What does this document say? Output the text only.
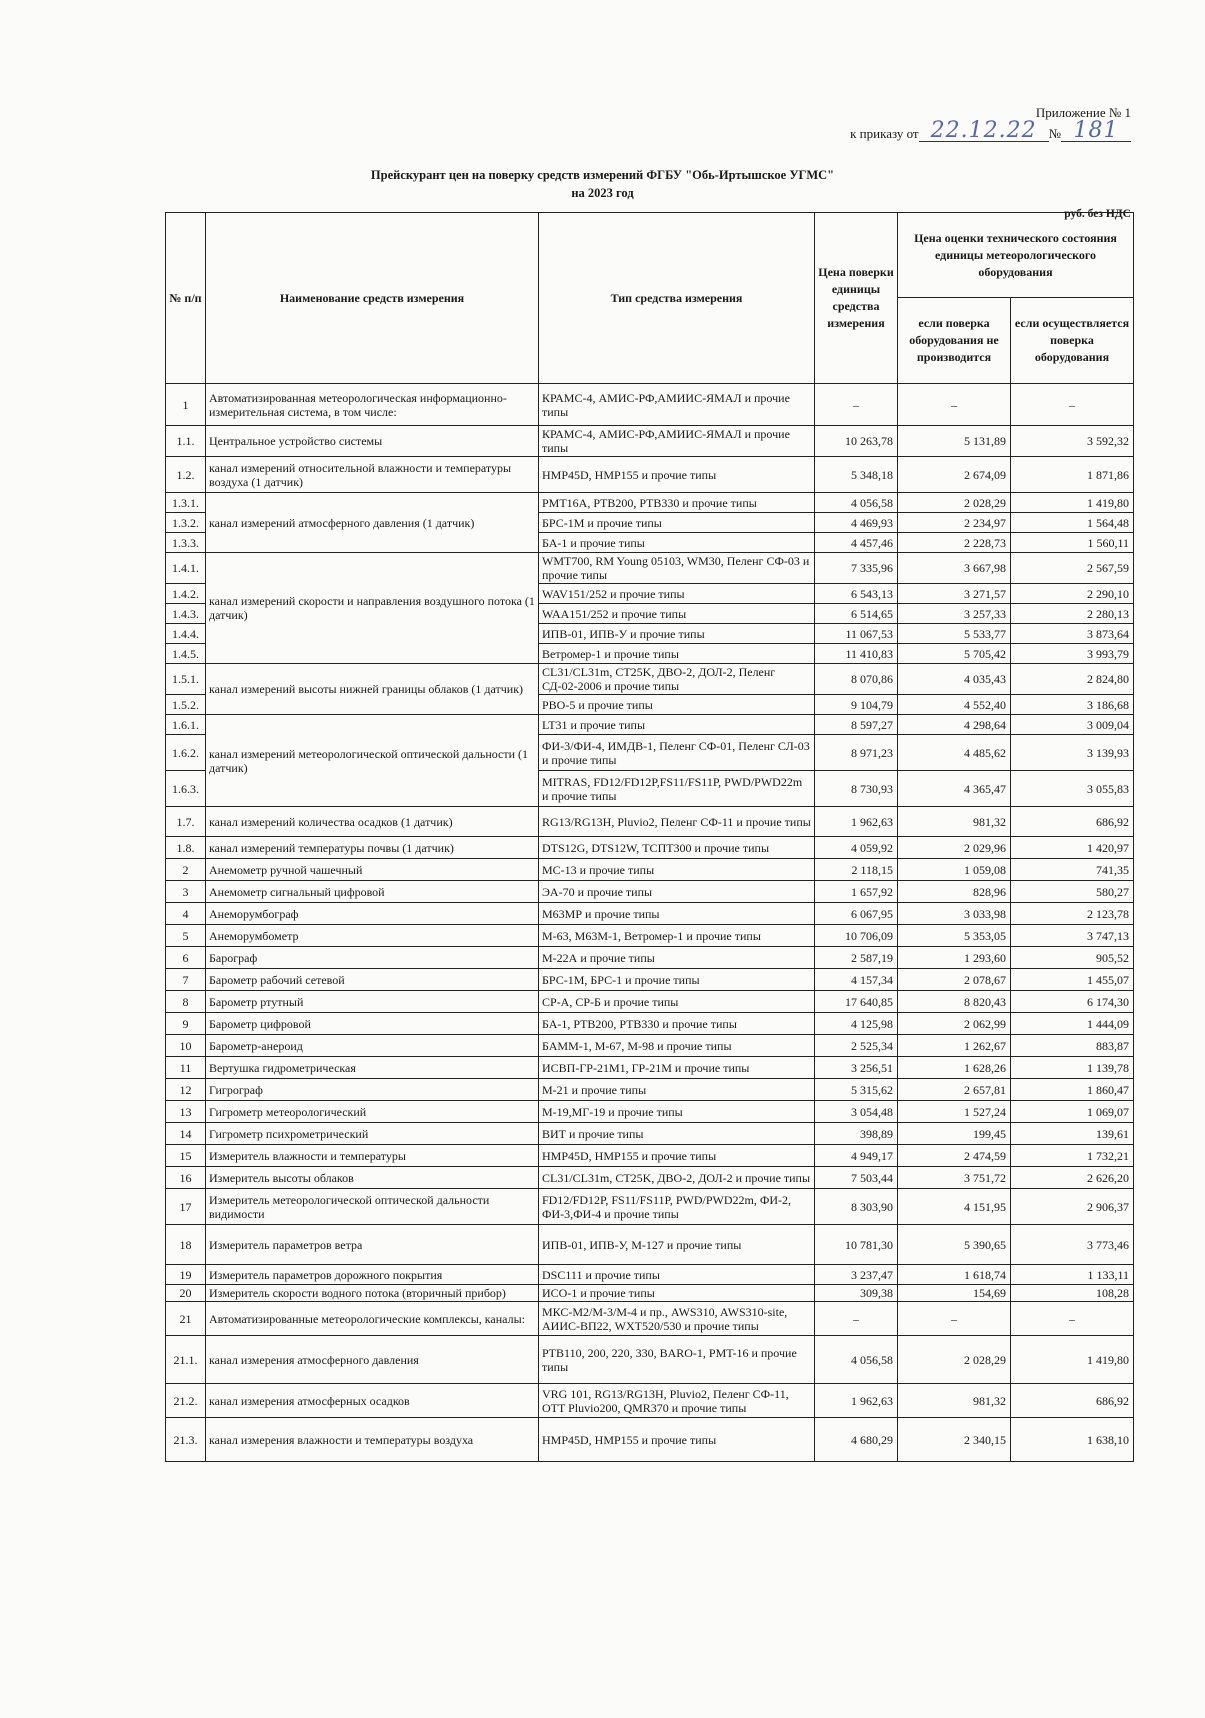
Приложение № 1
к приказу от 22.12.22 № 181
Прейскурант цен на поверку средств измерений ФГБУ "Обь-Иртышское УГМС"
на 2023 год
руб. без НДС
№ п/п	Наименование средств измерения	Тип средства измерения	Цена поверки единицы средства измерения	Цена оценки технического состояния единицы метеорологического оборудования	
				если поверка оборудования не производится	если осуществляется поверка оборудования
1	Автоматизированная метеорологическая информационно-измерительная система, в том числе:	КРАМС-4, АМИС-РФ,АМИИС-ЯМАЛ и прочие типы	–	–	–
1.1.	Центральное устройство системы	КРАМС-4, АМИС-РФ,АМИИС-ЯМАЛ и прочие типы	10 263,78	5 131,89	3 592,32
1.2.	канал измерений относительной влажности и температуры воздуха (1 датчик)	HMP45D, HMP155 и прочие типы	5 348,18	2 674,09	1 871,86
1.3.1.	канал измерений атмосферного давления (1 датчик)	PMT16A, PTB200, PTB330 и прочие типы	4 056,58	2 028,29	1 419,80
1.3.2.		БРС-1М и прочие типы	4 469,93	2 234,97	1 564,48
1.3.3.		БА-1 и прочие типы	4 457,46	2 228,73	1 560,11
1.4.1.	канал измерений скорости и направления воздушного потока (1 датчик)	WMT700, RM Young 05103, WM30, Пеленг СФ-03 и прочие типы	7 335,96	3 667,98	2 567,59
1.4.2.		WAV151/252 и прочие типы	6 543,13	3 271,57	2 290,10
1.4.3.		WAA151/252 и прочие типы	6 514,65	3 257,33	2 280,13
1.4.4.		ИПВ-01, ИПВ-У и прочие типы	11 067,53	5 533,77	3 873,64
1.4.5.		Ветромер-1 и прочие типы	11 410,83	5 705,42	3 993,79
1.5.1.	канал измерений высоты нижней границы облаков (1 датчик)	CL31/CL31m, CT25K, ДВО-2, ДОЛ-2, Пеленг СД-02-2006 и прочие типы	8 070,86	4 035,43	2 824,80
1.5.2.		РВО-5 и прочие типы	9 104,79	4 552,40	3 186,68
1.6.1.	канал измерений метеорологической оптической дальности (1 датчик)	LT31 и прочие типы	8 597,27	4 298,64	3 009,04
1.6.2.		ФИ-3/ФИ-4, ИМДВ-1, Пеленг СФ-01, Пеленг СЛ-03 и прочие типы	8 971,23	4 485,62	3 139,93
1.6.3.		MITRAS, FD12/FD12P,FS11/FS11P, PWD/PWD22m и прочие типы	8 730,93	4 365,47	3 055,83
1.7.	канал измерений количества осадков (1 датчик)	RG13/RG13H, Pluvio2, Пеленг СФ-11 и прочие типы	1 962,63	981,32	686,92
1.8.	канал измерений температуры почвы (1 датчик)	DTS12G, DTS12W, ТСПТ300 и прочие типы	4 059,92	2 029,96	1 420,97
2	Анемометр ручной чашечный	МС-13 и прочие типы	2 118,15	1 059,08	741,35
3	Анемометр сигнальный цифровой	ЭА-70 и прочие типы	1 657,92	828,96	580,27
4	Анеморумбограф	М63МР и прочие типы	6 067,95	3 033,98	2 123,78
5	Анеморумбометр	М-63, М63М-1, Ветромер-1 и прочие типы	10 706,09	5 353,05	3 747,13
6	Барограф	М-22А и прочие типы	2 587,19	1 293,60	905,52
7	Барометр рабочий сетевой	БРС-1М, БРС-1 и прочие типы	4 157,34	2 078,67	1 455,07
8	Барометр ртутный	СР-А, СР-Б и прочие типы	17 640,85	8 820,43	6 174,30
9	Барометр цифровой	БА-1, PTB200, PTB330 и прочие типы	4 125,98	2 062,99	1 444,09
10	Барометр-анероид	БАММ-1, М-67, М-98 и прочие типы	2 525,34	1 262,67	883,87
11	Вертушка гидрометрическая	ИСВП-ГР-21М1, ГР-21М и прочие типы	3 256,51	1 628,26	1 139,78
12	Гигрограф	М-21 и прочие типы	5 315,62	2 657,81	1 860,47
13	Гигрометр метеорологический	М-19,МГ-19 и прочие типы	3 054,48	1 527,24	1 069,07
14	Гигрометр психрометрический	ВИТ и прочие типы	398,89	199,45	139,61
15	Измеритель влажности и температуры	HMP45D, HMP155 и прочие типы	4 949,17	2 474,59	1 732,21
16	Измеритель высоты облаков	CL31/CL31m, CT25K, ДВО-2, ДОЛ-2 и прочие типы	7 503,44	3 751,72	2 626,20
17	Измеритель метеорологической оптической дальности видимости	FD12/FD12P, FS11/FS11P, PWD/PWD22m, ФИ-2, ФИ-3,ФИ-4 и прочие типы	8 303,90	4 151,95	2 906,37
18	Измеритель параметров ветра	ИПВ-01, ИПВ-У, М-127 и прочие типы	10 781,30	5 390,65	3 773,46
19	Измеритель параметров дорожного покрытия	DSC111 и прочие типы	3 237,47	1 618,74	1 133,11
20	Измеритель скорости водного потока (вторичный прибор)	ИСО-1 и прочие типы	309,38	154,69	108,28
21	Автоматизированные метеорологические комплексы, каналы:	МКС-М2/М-3/М-4 и пр., AWS310, AWS310-site, АИИС-ВП22, WXT520/530 и прочие типы	–	–	–
21.1.	канал измерения атмосферного давления	PTB110, 200, 220, 330, BARO-1, PMT-16 и прочие типы	4 056,58	2 028,29	1 419,80
21.2.	канал измерения атмосферных осадков	VRG 101, RG13/RG13H, Pluvio2, Пеленг СФ-11, OTT Pluvio200, QMR370 и прочие типы	1 962,63	981,32	686,92
21.3.	канал измерения влажности и температуры воздуха	HMP45D, HMP155 и прочие типы	4 680,29	2 340,15	1 638,10
